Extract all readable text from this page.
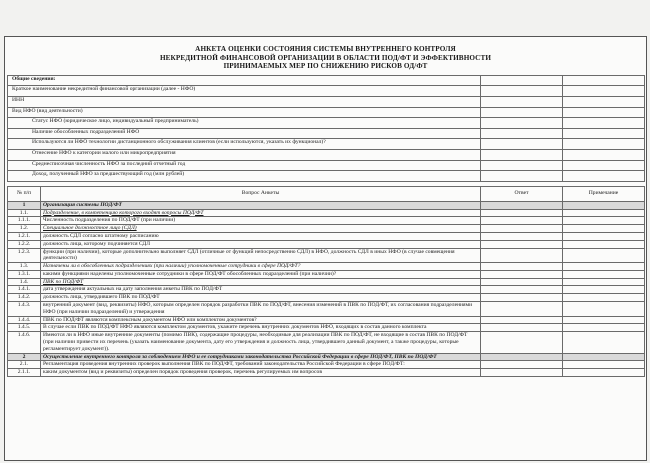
АНКЕТА ОЦЕНКИ СОСТОЯНИЯ СИСТЕМЫ ВНУТРЕННЕГО КОНТРОЛЯ
НЕКРЕДИТНОЙ ФИНАНСОВОЙ ОРГАНИЗАЦИИ В ОБЛАСТИ ПОД/ФТ И ЭФФЕКТИВНОСТИ
ПРИНИМАЕМЫХ МЕР ПО СНИЖЕНИЮ РИСКОВ ОД/ФТ
Общие сведения:			
Краткое наименование некредитной финансовой организации (далее - НФО)			
ИНН			
Вид НФО (вид деятельности)			
Статус НФО (юридическое лицо, индивидуальный предприниматель)			
Наличие обособленных подразделений НФО			
Используются ли НФО технологии дистанционного обслуживания клиентов (если используются, указать их функционал)?			
Отнесение НФО к категории малого или микропредприятия			
Среднесписочная численность НФО за последний отчетный год			
Доход, полученный НФО за предшествующий год (млн рублей)			

№ п/п	Вопрос Анкеты	Ответ	Примечание
1	Организация системы ПОД/ФТ		
1.1.	Подразделение, в компетенцию которого входят вопросы ПОД/ФТ		
1.1.1.	Численность подразделения по ПОД/ФТ (при наличии)		
1.2.	Специальное должностное лицо (СДЛ)		
1.2.1.	должность СДЛ согласно штатному расписанию		
1.2.2.	должность лица, которому подчиняется СДЛ		
1.2.3.	функции (при наличии), которые дополнительно выполняет СДЛ (отличные от функций непосредственно СДЛ) в НФО, должность СДЛ в иных НФО (в случае совмещения деятельности)		
1.3.	Назначены ли в обособленных подразделениях (при наличии) уполномоченные сотрудники в сфере ПОД/ФТ?		
1.3.1.	какими функциями наделены уполномоченные сотрудники в сфере ПОД/ФТ обособленных подразделений (при наличии)?		
1.4.	ПВК по ПОД/ФТ		
1.4.1.	дата утверждения актуальных на дату заполнения анкеты ПВК по ПОД/ФТ		
1.4.2.	должность лица, утвердившего ПВК по ПОД/ФТ		
1.4.3.	внутренний документ (вид, реквизиты) НФО, которым определен порядок разработки ПВК по ПОД/ФТ, внесения изменений в ПВК по ПОД/ФТ, их согласования подразделениями НФО (при наличии подразделений) и утверждения		
1.4.4.	ПВК по ПОД/ФТ являются комплексным документом НФО или комплектом документов?		
1.4.5.	В случае если ПВК по ПОД/ФТ НФО являются комплектом документов, укажите перечень внутренних документов НФО, входящих в состав данного комплекта		
1.4.6.	Имеются ли в НФО иные внутренние документы (помимо ПВК), содержащие процедуры, необходимые для реализации ПВК по ПОД/ФТ, не входящие в состав ПВК по ПОД/ФТ (при наличии привести их перечень (указать наименование документа, дату его утверждения и должность лица, утвердившего данный документ, а также процедуры, которые регламентирует документ)).		
2	Осуществление внутреннего контроля за соблюдением НФО и ее сотрудниками законодательства Российской Федерации в сфере ПОД/ФТ, ПВК по ПОД/ФТ		
2.1.	Регламентация проведения внутренних проверок выполнения ПВК по ПОД/ФТ, требований законодательства Российской Федерации в сфере ПОД/ФТ:		
2.1.1.	каким документом (вид и реквизиты) определен порядок проведения проверок, перечень регулируемых им вопросов		
